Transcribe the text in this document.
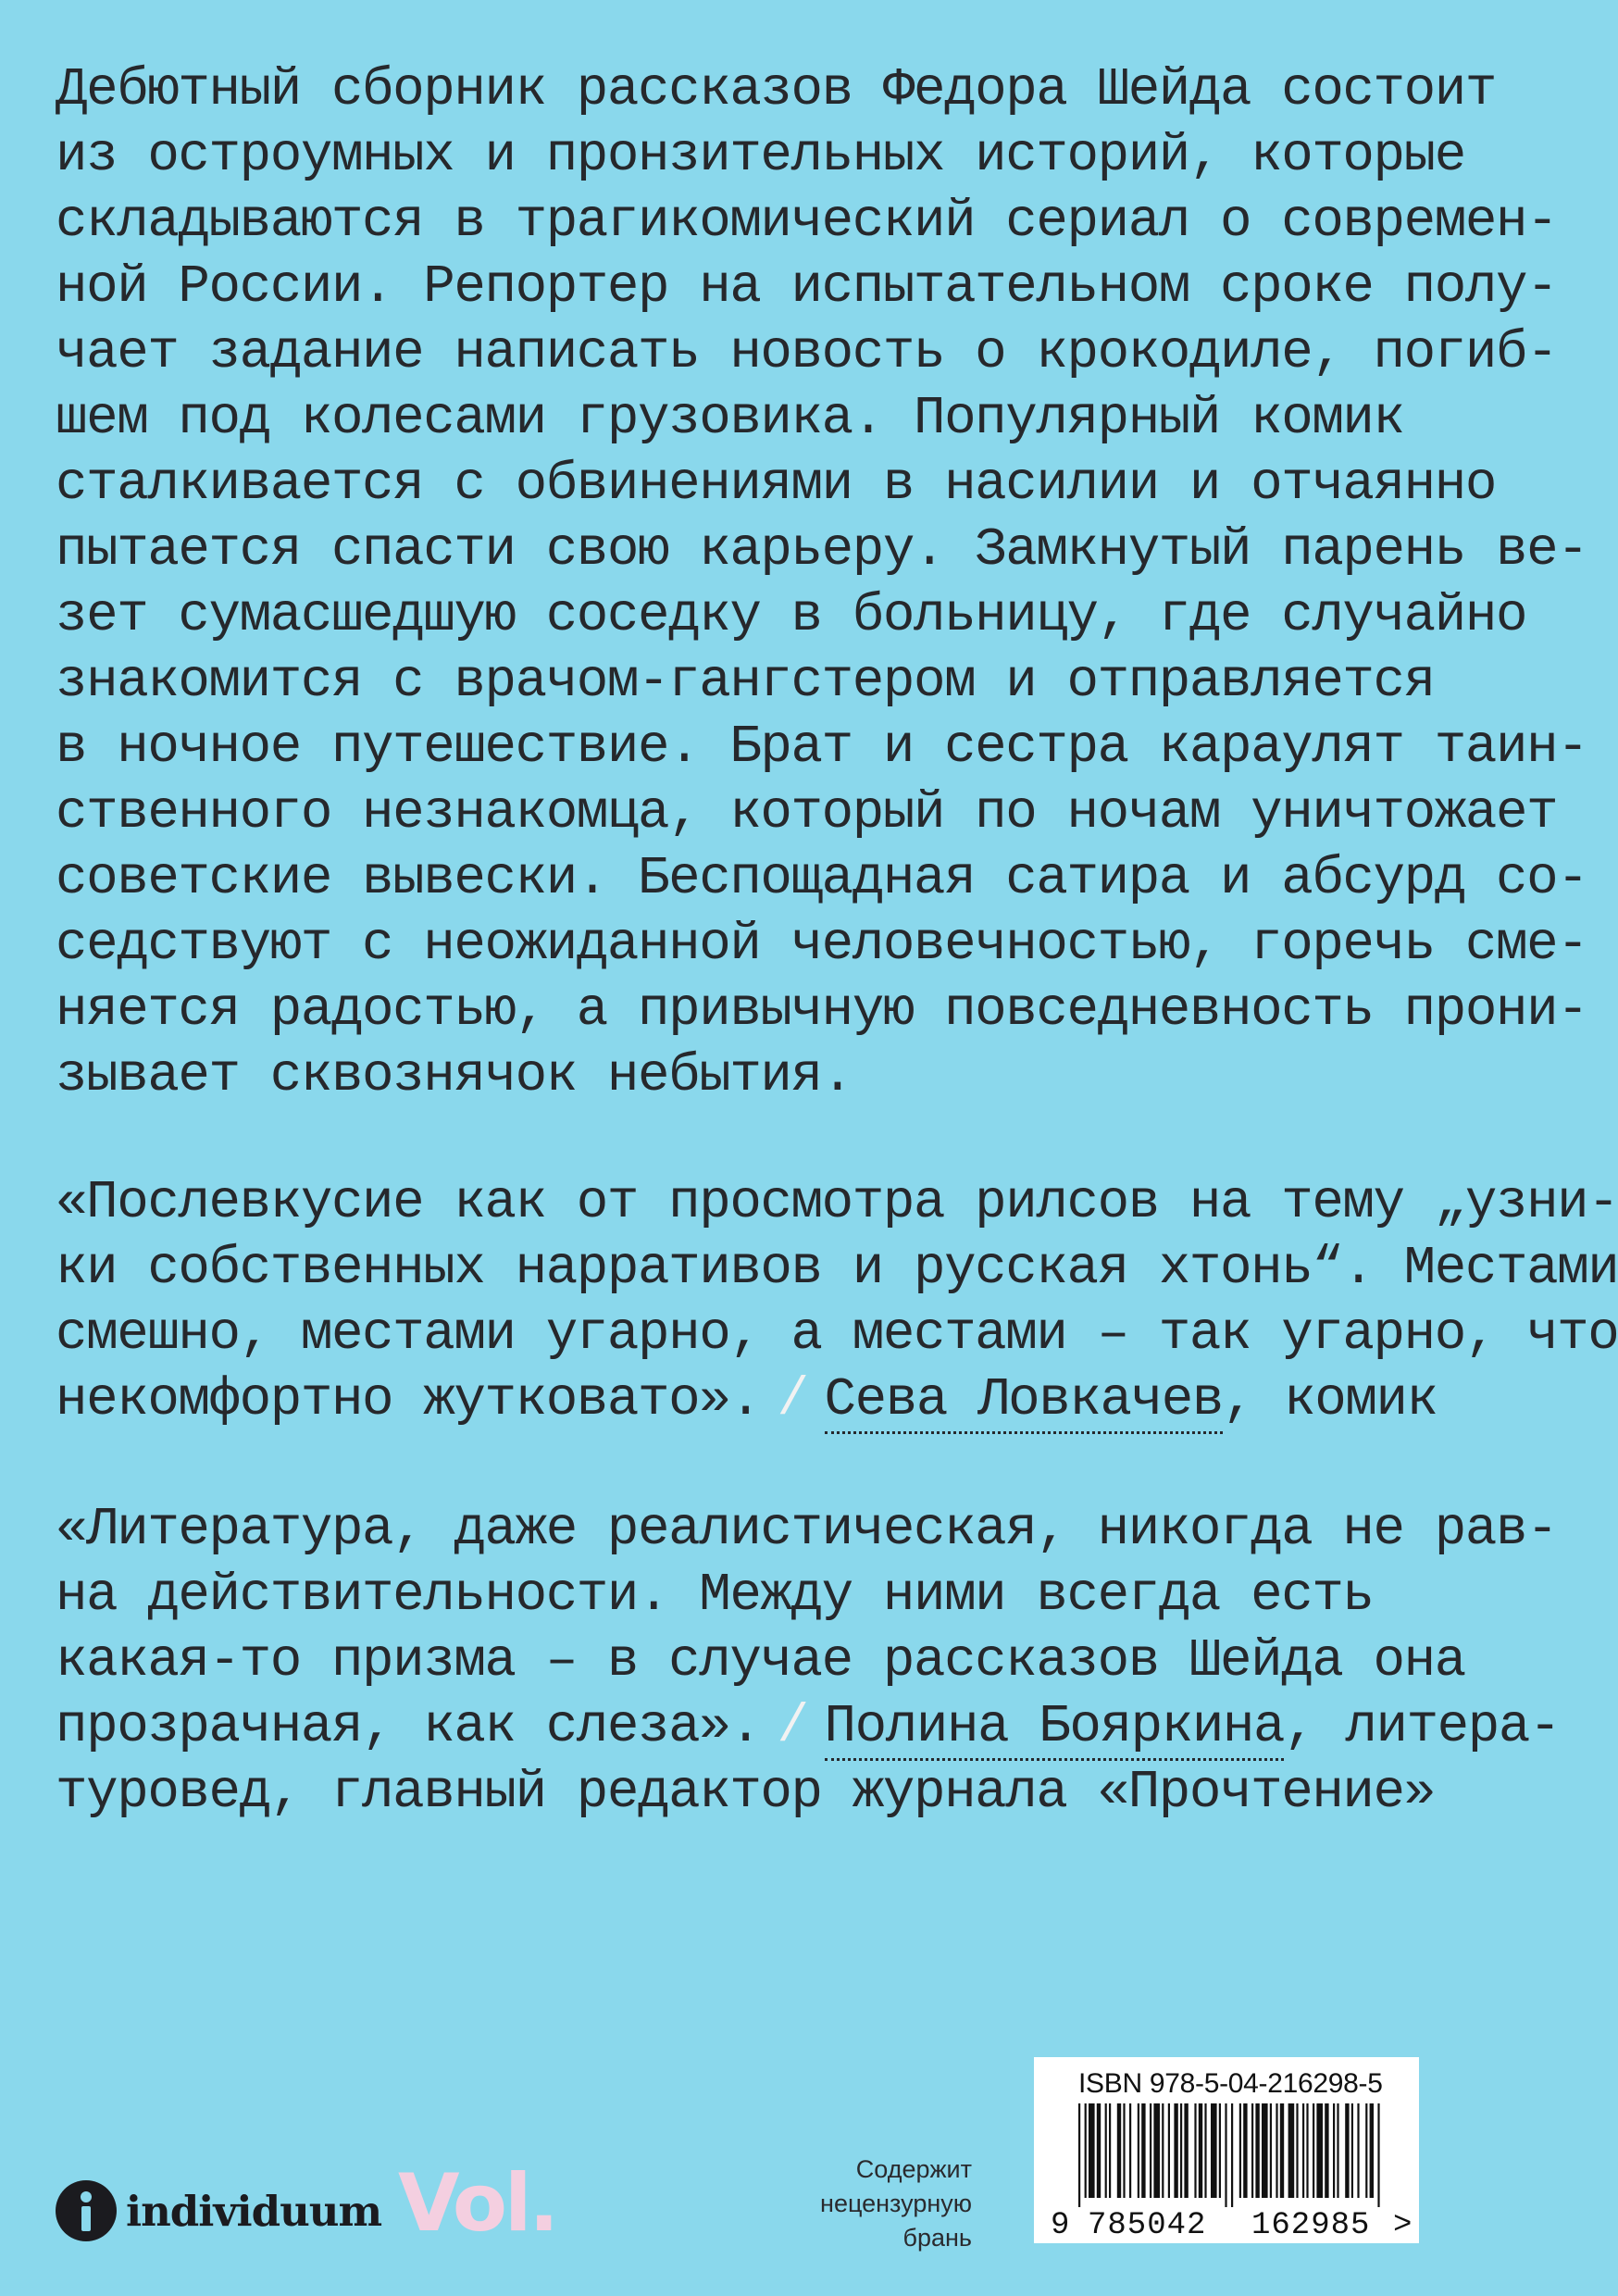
Дебютный сборник рассказов Федора Шейда состоит
из остроумных и пронзительных историй, которые
складываются в трагикомический сериал о современ-
ной России. Репортер на испытательном сроке полу-
чает задание написать новость о крокодиле, погиб-
шем под колесами грузовика. Популярный комик
сталкивается с обвинениями в насилии и отчаянно
пытается спасти свою карьеру. Замкнутый парень ве-
зет сумасшедшую соседку в больницу, где случайно
знакомится с врачом-гангстером и отправляется
в ночное путешествие. Брат и сестра караулят таин-
ственного незнакомца, который по ночам уничтожает
советские вывески. Беспощадная сатира и абсурд со-
седствуют с неожиданной человечностью, горечь сме-
няется радостью, а привычную повседневность прони-
зывает сквознячок небытия.
«Послевкусие как от просмотра рилсов на тему „узни-
ки собственных нарративов и русская хтонь“. Местами
смешно, местами угарно, а местами – так угарно, что
некомфортно жутковато». / Сева Ловкачев, комик
«Литература, даже реалистическая, никогда не рав-
на действительности. Между ними всегда есть
какая-то призма – в случае рассказов Шейда она
прозрачная, как слеза». / Полина Бояркина, литера-
туровед, главный редактор журнала «Прочтение»
individuum Vol.	Содержит
нецензурную
брань
ISBN 978-5-04-216298-5
9 785042 162985 >
